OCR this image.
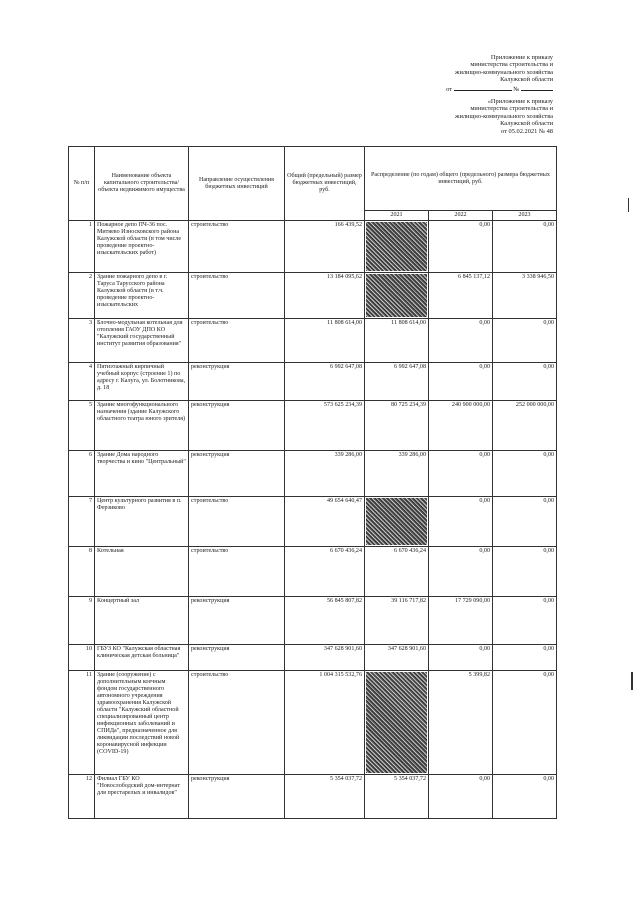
Приложение к приказу
министерства строительства и
жилищно-коммунального хозяйства
Калужской области
от	№
«Приложение к приказу
министерства строительства и
жилищно-коммунального хозяйства
Калужской области
от 05.02.2021 № 48
№ п/п	Наименование объекта капитального строительства/объекта недвижимого имущества	Направление осуществления бюджетных инвестиций	Общий (предельный) размер бюджетных инвестиций, руб.	Распределение (по годам) общего (предельного) размера бюджетных инвестиций, руб.		
				2021	2022	2023
1	Пожарное депо ПЧ-36 пос. Митяево Износковского района Калужской области (в том числе проведение проектно-изыскательских работ)	строительство	166 439,52		0,00	0,00
2	Здание пожарного депо в г. Таруса Тарусского района Калужской области (в т.ч. проведение проектно-изыскательских	строительство	13 184 095,62		6 845 137,12	3 338 946,50
3	Блочно-модульная котельная для отопления ГАОУ ДПО КО "Калужский государственный институт развития образования"	строительство	11 808 614,00	11 808 614,00	0,00	0,00
4	Пятиэтажный кирпичный учебный корпус (строение 1) по адресу г. Калуга, ул. Болотникова, д. 18	реконструкция	6 992 647,08	6 992 647,08	0,00	0,00
5	Здание многофункционального назначения (здание Калужского областного театра юного зрителя)	реконструкция	573 625 234,39	80 725 234,39	240 900 000,00	252 000 000,00
6	Здание Дома народного творчества и кино "Центральный"	реконструкция	339 286,00	339 286,00	0,00	0,00
7	Центр культурного развития в п. Ферзиково	строительство	49 654 640,47		0,00	0,00
8	Котельная	строительство	6 670 436,24	6 670 436,24	0,00	0,00
9	Концертный зал	реконструкция	56 845 807,82	39 116 717,82	17 729 090,00	0,00
10	ГБУЗ КО "Калужская областная клиническая детская больница"	реконструкция	347 628 901,60	347 628 901,60	0,00	0,00
11	Здание (сооружение) с дополнительным коечным фондом государственного автономного учреждения здравоохранения Калужской области "Калужский областной специализированный центр инфекционных заболеваний и СПИДа", предназначенное для ликвидации последствий новой коронавирусной инфекции (COVID-19)	строительство	1 004 315 532,76		5 399,82	0,00
12	Филиал ГБУ КО "Новослободский дом-интернат для престарелых и инвалидов"	реконструкция	5 354 037,72	5 354 037,72	0,00	0,00
